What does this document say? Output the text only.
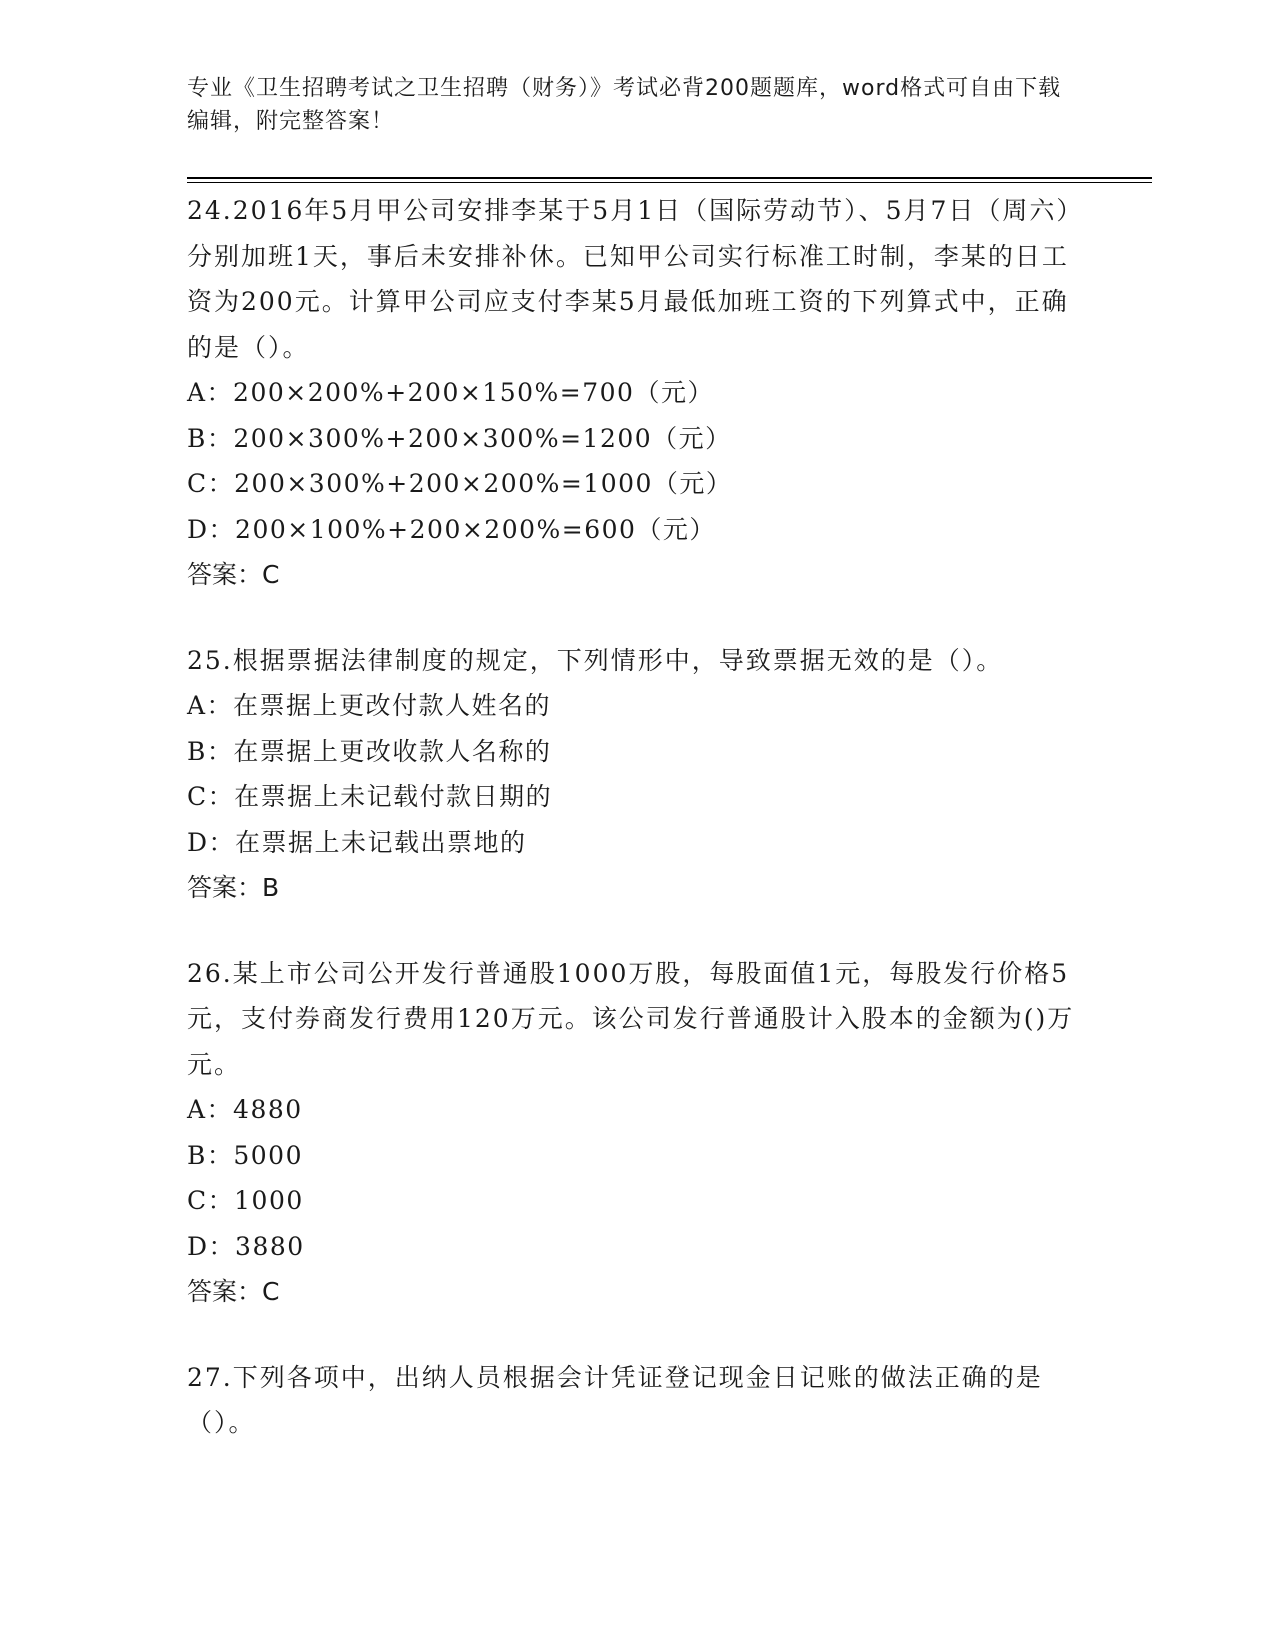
专业《卫生招聘考试之卫生招聘（财务）》考试必背200题题库，word格式可自由下载编辑，附完整答案！

24.2016年5月甲公司安排李某于5月1日（国际劳动节）、5月7日（周六）分别加班1天，事后未安排补休。已知甲公司实行标准工时制，李某的日工资为200元。计算甲公司应支付李某5月最低加班工资的下列算式中，正确的是（）。

A：200×200%+200×150%=700（元）

B：200×300%+200×300%=1200（元）

C：200×300%+200×200%=1000（元）

D：200×100%+200×200%=600（元）

答案：C

25.根据票据法律制度的规定，下列情形中，导致票据无效的是（）。

A：在票据上更改付款人姓名的

B：在票据上更改收款人名称的

C：在票据上未记载付款日期的

D：在票据上未记载出票地的

答案：B

26.某上市公司公开发行普通股1000万股，每股面值1元，每股发行价格5元，支付券商发行费用120万元。该公司发行普通股计入股本的金额为()万元。

A：4880

B：5000

C：1000

D：3880

答案：C

27.下列各项中，出纳人员根据会计凭证登记现金日记账的做法正确的是（）。
